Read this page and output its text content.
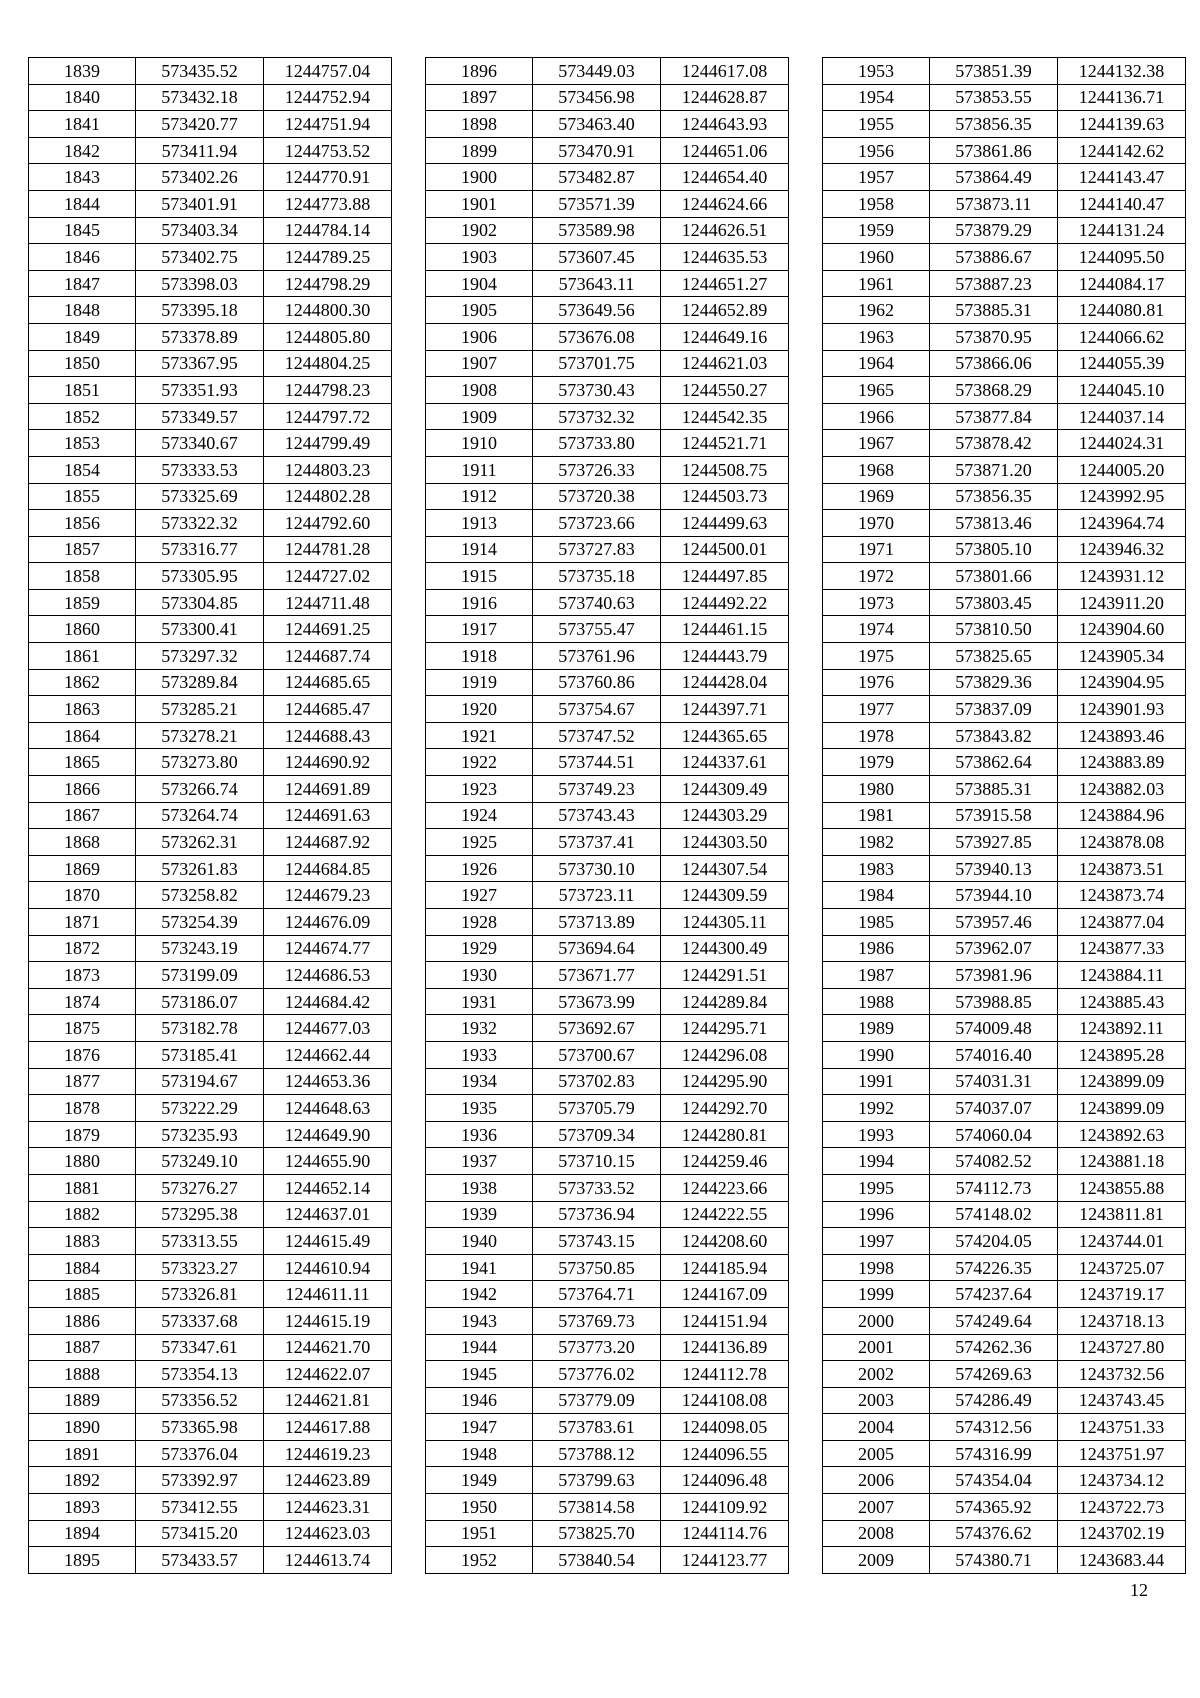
1839	573435.52	1244757.04
1840	573432.18	1244752.94
1841	573420.77	1244751.94
1842	573411.94	1244753.52
1843	573402.26	1244770.91
1844	573401.91	1244773.88
1845	573403.34	1244784.14
1846	573402.75	1244789.25
1847	573398.03	1244798.29
1848	573395.18	1244800.30
1849	573378.89	1244805.80
1850	573367.95	1244804.25
1851	573351.93	1244798.23
1852	573349.57	1244797.72
1853	573340.67	1244799.49
1854	573333.53	1244803.23
1855	573325.69	1244802.28
1856	573322.32	1244792.60
1857	573316.77	1244781.28
1858	573305.95	1244727.02
1859	573304.85	1244711.48
1860	573300.41	1244691.25
1861	573297.32	1244687.74
1862	573289.84	1244685.65
1863	573285.21	1244685.47
1864	573278.21	1244688.43
1865	573273.80	1244690.92
1866	573266.74	1244691.89
1867	573264.74	1244691.63
1868	573262.31	1244687.92
1869	573261.83	1244684.85
1870	573258.82	1244679.23
1871	573254.39	1244676.09
1872	573243.19	1244674.77
1873	573199.09	1244686.53
1874	573186.07	1244684.42
1875	573182.78	1244677.03
1876	573185.41	1244662.44
1877	573194.67	1244653.36
1878	573222.29	1244648.63
1879	573235.93	1244649.90
1880	573249.10	1244655.90
1881	573276.27	1244652.14
1882	573295.38	1244637.01
1883	573313.55	1244615.49
1884	573323.27	1244610.94
1885	573326.81	1244611.11
1886	573337.68	1244615.19
1887	573347.61	1244621.70
1888	573354.13	1244622.07
1889	573356.52	1244621.81
1890	573365.98	1244617.88
1891	573376.04	1244619.23
1892	573392.97	1244623.89
1893	573412.55	1244623.31
1894	573415.20	1244623.03
1895	573433.57	1244613.74
1896	573449.03	1244617.08
1897	573456.98	1244628.87
1898	573463.40	1244643.93
1899	573470.91	1244651.06
1900	573482.87	1244654.40
1901	573571.39	1244624.66
1902	573589.98	1244626.51
1903	573607.45	1244635.53
1904	573643.11	1244651.27
1905	573649.56	1244652.89
1906	573676.08	1244649.16
1907	573701.75	1244621.03
1908	573730.43	1244550.27
1909	573732.32	1244542.35
1910	573733.80	1244521.71
1911	573726.33	1244508.75
1912	573720.38	1244503.73
1913	573723.66	1244499.63
1914	573727.83	1244500.01
1915	573735.18	1244497.85
1916	573740.63	1244492.22
1917	573755.47	1244461.15
1918	573761.96	1244443.79
1919	573760.86	1244428.04
1920	573754.67	1244397.71
1921	573747.52	1244365.65
1922	573744.51	1244337.61
1923	573749.23	1244309.49
1924	573743.43	1244303.29
1925	573737.41	1244303.50
1926	573730.10	1244307.54
1927	573723.11	1244309.59
1928	573713.89	1244305.11
1929	573694.64	1244300.49
1930	573671.77	1244291.51
1931	573673.99	1244289.84
1932	573692.67	1244295.71
1933	573700.67	1244296.08
1934	573702.83	1244295.90
1935	573705.79	1244292.70
1936	573709.34	1244280.81
1937	573710.15	1244259.46
1938	573733.52	1244223.66
1939	573736.94	1244222.55
1940	573743.15	1244208.60
1941	573750.85	1244185.94
1942	573764.71	1244167.09
1943	573769.73	1244151.94
1944	573773.20	1244136.89
1945	573776.02	1244112.78
1946	573779.09	1244108.08
1947	573783.61	1244098.05
1948	573788.12	1244096.55
1949	573799.63	1244096.48
1950	573814.58	1244109.92
1951	573825.70	1244114.76
1952	573840.54	1244123.77
1953	573851.39	1244132.38
1954	573853.55	1244136.71
1955	573856.35	1244139.63
1956	573861.86	1244142.62
1957	573864.49	1244143.47
1958	573873.11	1244140.47
1959	573879.29	1244131.24
1960	573886.67	1244095.50
1961	573887.23	1244084.17
1962	573885.31	1244080.81
1963	573870.95	1244066.62
1964	573866.06	1244055.39
1965	573868.29	1244045.10
1966	573877.84	1244037.14
1967	573878.42	1244024.31
1968	573871.20	1244005.20
1969	573856.35	1243992.95
1970	573813.46	1243964.74
1971	573805.10	1243946.32
1972	573801.66	1243931.12
1973	573803.45	1243911.20
1974	573810.50	1243904.60
1975	573825.65	1243905.34
1976	573829.36	1243904.95
1977	573837.09	1243901.93
1978	573843.82	1243893.46
1979	573862.64	1243883.89
1980	573885.31	1243882.03
1981	573915.58	1243884.96
1982	573927.85	1243878.08
1983	573940.13	1243873.51
1984	573944.10	1243873.74
1985	573957.46	1243877.04
1986	573962.07	1243877.33
1987	573981.96	1243884.11
1988	573988.85	1243885.43
1989	574009.48	1243892.11
1990	574016.40	1243895.28
1991	574031.31	1243899.09
1992	574037.07	1243899.09
1993	574060.04	1243892.63
1994	574082.52	1243881.18
1995	574112.73	1243855.88
1996	574148.02	1243811.81
1997	574204.05	1243744.01
1998	574226.35	1243725.07
1999	574237.64	1243719.17
2000	574249.64	1243718.13
2001	574262.36	1243727.80
2002	574269.63	1243732.56
2003	574286.49	1243743.45
2004	574312.56	1243751.33
2005	574316.99	1243751.97
2006	574354.04	1243734.12
2007	574365.92	1243722.73
2008	574376.62	1243702.19
2009	574380.71	1243683.44
12
